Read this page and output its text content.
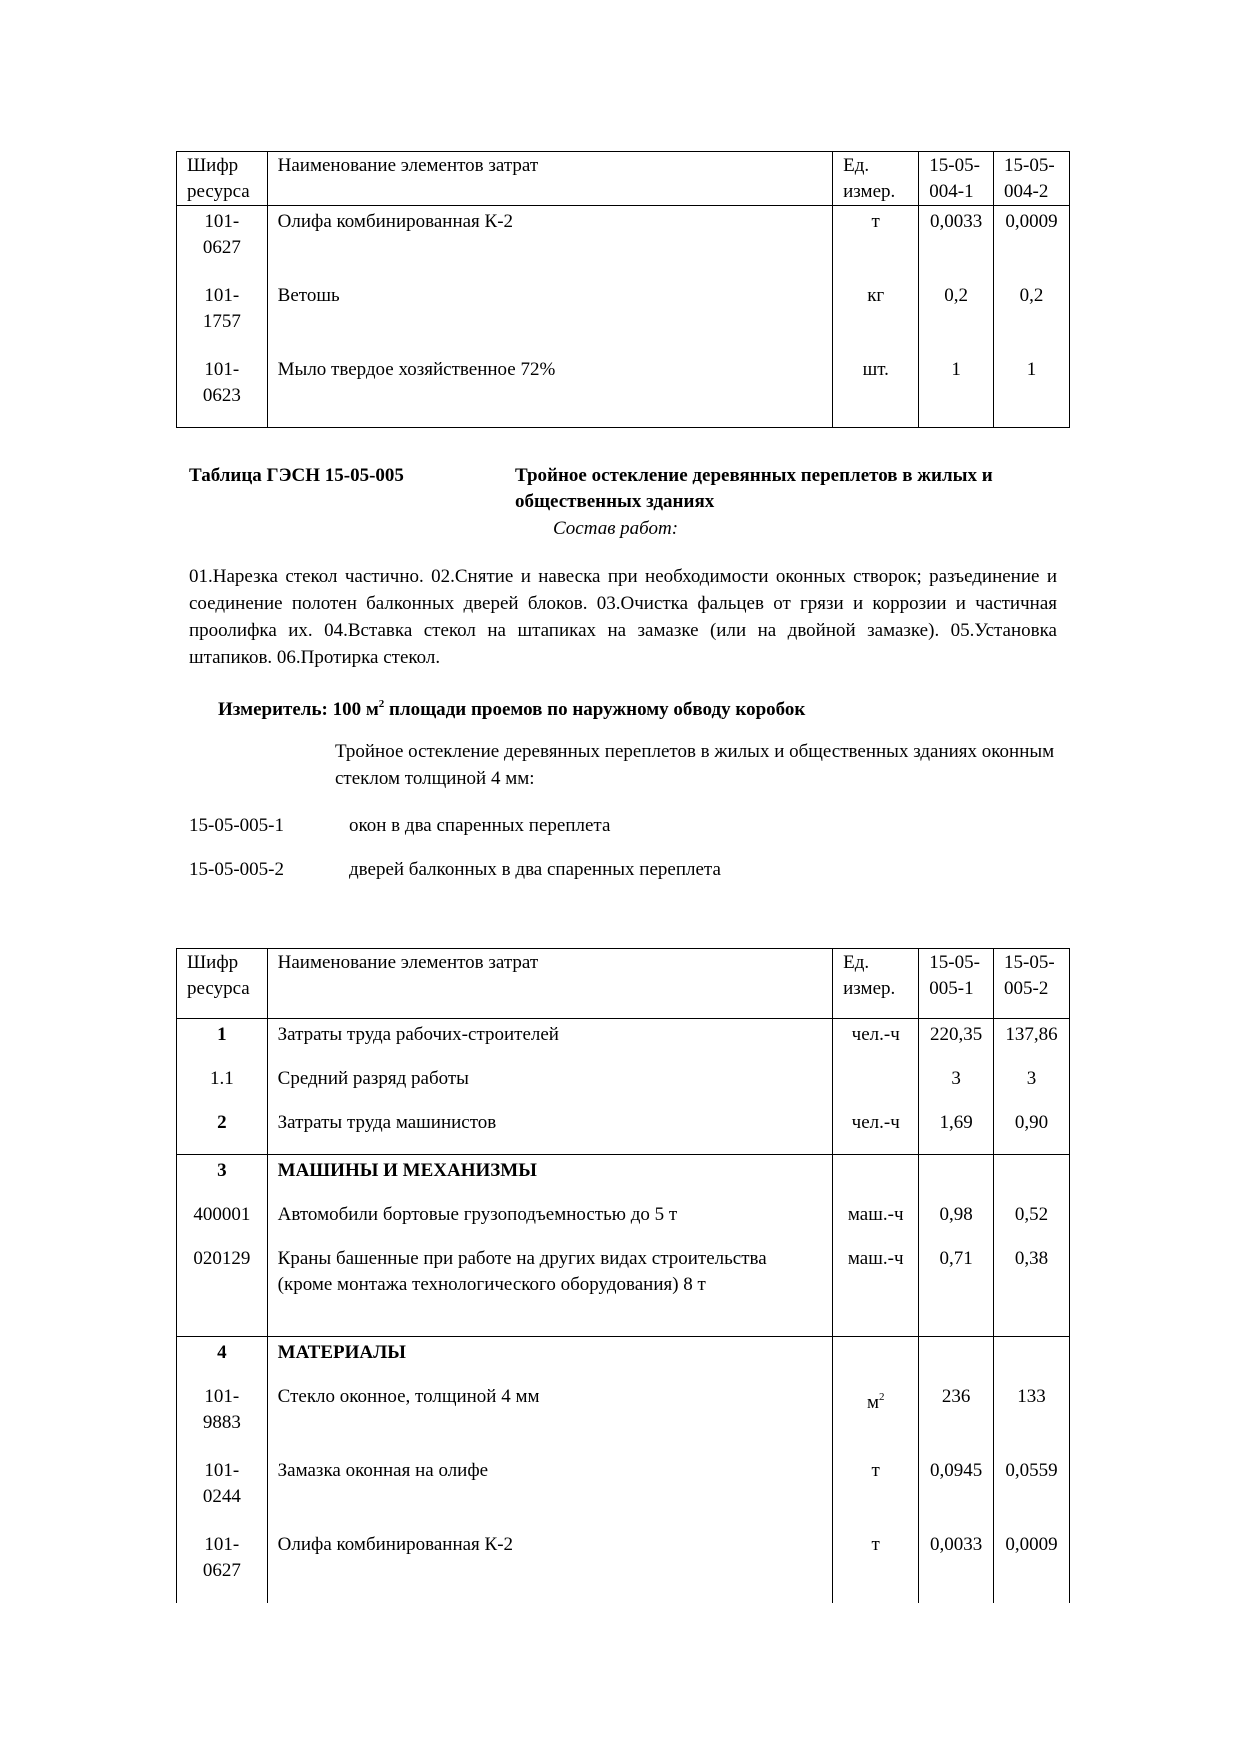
Шифр ресурса	Наименование элементов затрат	Ед. измер.	15-05-004-1	15-05-004-2
101-0627	Олифа комбинированная К-2	т	0,0033	0,0009
101-1757	Ветошь	кг	0,2	0,2
101-0623	Мыло твердое хозяйственное 72%	шт.	1	1
Таблица ГЭСН 15-05-005	Тройное остекление деревянных переплетов в жилых и общественных зданиях
Состав работ:
01.Нарезка стекол частично. 02.Снятие и навеска при необходимости оконных створок; разъединение и соединение полотен балконных дверей блоков. 03.Очистка фальцев от грязи и коррозии и частичная проолифка их. 04.Вставка стекол на штапиках на замазке (или на двойной замазке). 05.Установка штапиков. 06.Протирка стекол.
Измеритель: 100 $м^2$ площади проемов по наружному обводу коробок
Тройное остекление деревянных переплетов в жилых и общественных зданиях оконным стеклом толщиной 4 мм:
15-05-005-1	окон в два спаренных переплета
15-05-005-2	дверей балконных в два спаренных переплета
Шифр ресурса	Наименование элементов затрат	Ед. измер.	15-05-005-1	15-05-005-2
1	Затраты труда рабочих-строителей	чел.-ч	220,35	137,86
1.1	Средний разряд работы		3	3
2	Затраты труда машинистов	чел.-ч	1,69	0,90
3	МАШИНЫ И МЕХАНИЗМЫ			
400001	Автомобили бортовые грузоподъемностью до 5 т	маш.-ч	0,98	0,52
020129	Краны башенные при работе на других видах строительства (кроме монтажа технологического оборудования) 8 т	маш.-ч	0,71	0,38
4	МАТЕРИАЛЫ			
101-9883	Стекло оконное, толщиной 4 мм	$м^2$	236	133
101-0244	Замазка оконная на олифе	т	0,0945	0,0559
101-0627	Олифа комбинированная К-2	т	0,0033	0,0009
